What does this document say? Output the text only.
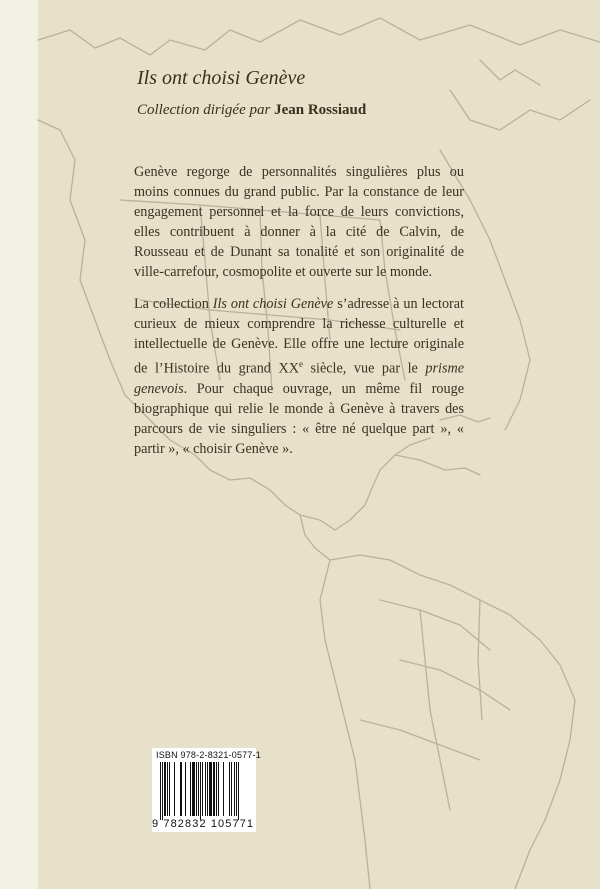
Ils ont choisi Genève
Collection dirigée par Jean Rossiaud

Genève regorge de personnalités singulières plus ou moins connues du grand public. Par la constance de leur engagement personnel et la force de leurs convictions, elles contribuent à donner à la cité de Calvin, de Rousseau et de Dunant sa tonalité et son originalité de ville-carrefour, cosmopolite et ouverte sur le monde.

La collection Ils ont choisi Genève s’adresse à un lectorat curieux de mieux comprendre la richesse culturelle et intellectuelle de Genève. Elle offre une lecture originale de l’Histoire du grand XXe siècle, vue par le prisme genevois. Pour chaque ouvrage, un même fil rouge biographique qui relie le monde à Genève à travers des parcours de vie singuliers : « être né quelque part », « partir », « choisir Genève ».

ISBN 978-2-8321-0577-1
9 782832 105771
